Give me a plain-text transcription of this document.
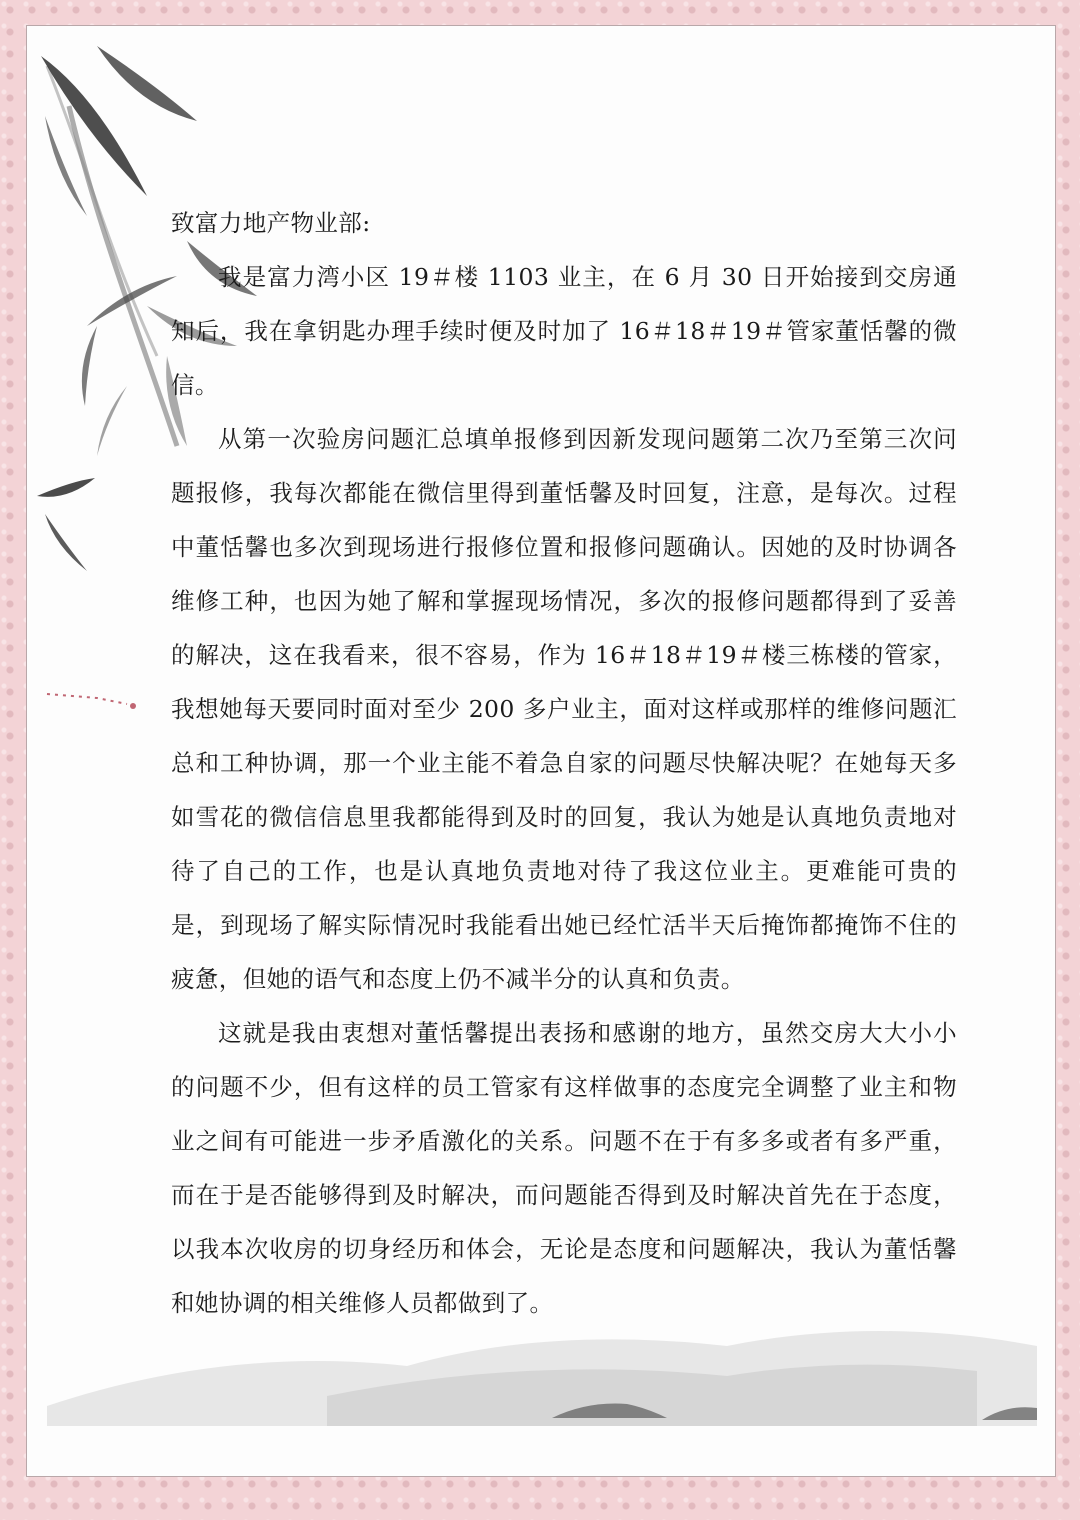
致富力地产物业部:

我是富力湾小区 19＃楼 1103 业主，在 6 月 30 日开始接到交房通知后，我在拿钥匙办理手续时便及时加了 16＃18＃19＃管家董恬馨的微信。

从第一次验房问题汇总填单报修到因新发现问题第二次乃至第三次问题报修，我每次都能在微信里得到董恬馨及时回复，注意，是每次。过程中董恬馨也多次到现场进行报修位置和报修问题确认。因她的及时协调各维修工种，也因为她了解和掌握现场情况，多次的报修问题都得到了妥善的解决，这在我看来，很不容易，作为 16＃18＃19＃楼三栋楼的管家，我想她每天要同时面对至少 200 多户业主，面对这样或那样的维修问题汇总和工种协调，那一个业主能不着急自家的问题尽快解决呢？在她每天多如雪花的微信信息里我都能得到及时的回复，我认为她是认真地负责地对待了自己的工作，也是认真地负责地对待了我这位业主。更难能可贵的是，到现场了解实际情况时我能看出她已经忙活半天后掩饰都掩饰不住的疲惫，但她的语气和态度上仍不减半分的认真和负责。

这就是我由衷想对董恬馨提出表扬和感谢的地方，虽然交房大大小小的问题不少，但有这样的员工管家有这样做事的态度完全调整了业主和物业之间有可能进一步矛盾激化的关系。问题不在于有多多或者有多严重，而在于是否能够得到及时解决，而问题能否得到及时解决首先在于态度，以我本次收房的切身经历和体会，无论是态度和问题解决，我认为董恬馨和她协调的相关维修人员都做到了。
